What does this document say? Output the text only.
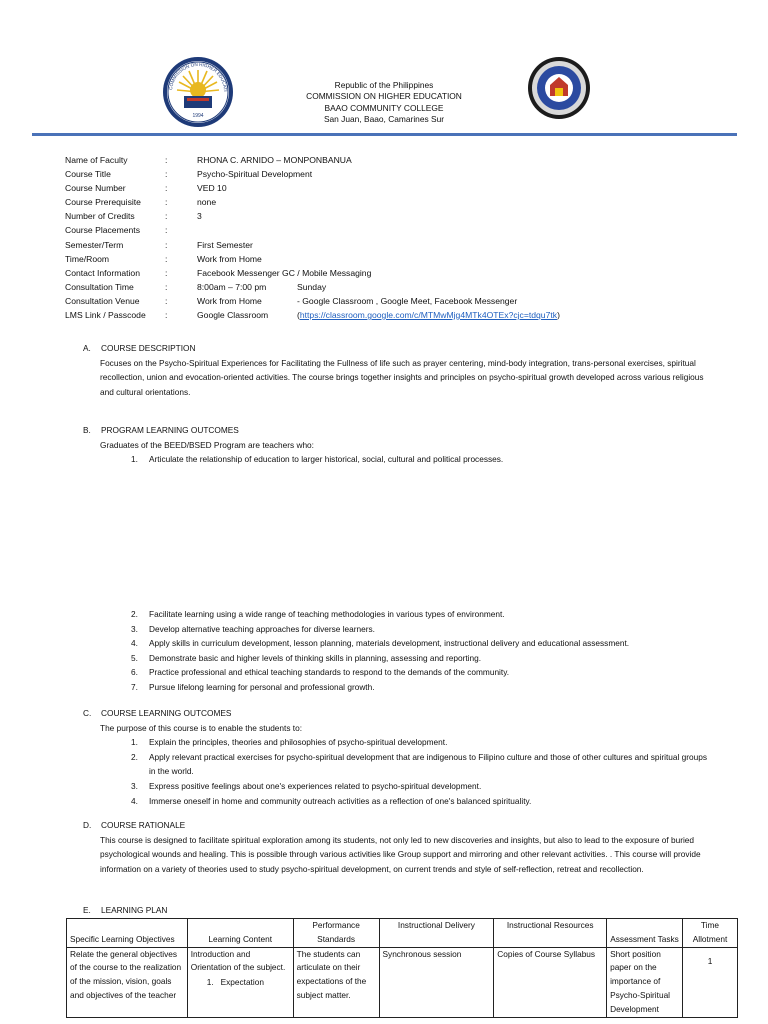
1994
COMMISSION ON HIGHER EDUCATI
Republic of the Philippines
COMMISSION ON HIGHER EDUCATION
BAAO COMMUNITY COLLEGE
San Juan, Baao, Camarines Sur
Name of Faculty	:	RHONA C. ARNIDO – MONPONBANUA
Course Title	:	Psycho-Spiritual Development
Course Number	:	VED 10
Course Prerequisite	:	none
Number of Credits	:	3
Course Placements	:
Semester/Term	:	First Semester
Time/Room	:	Work from Home
Contact Information	:	Facebook Messenger GC / Mobile Messaging
Consultation Time	:	8:00am – 7:00 pm	Sunday
Consultation Venue	:	Work from Home	- Google Classroom , Google Meet, Facebook Messenger
LMS Link / Passcode :	Google Classroom	(https://classroom.google.com/c/MTMwMjg4MTk4OTEx?cjc=tdqu7tk)
A. COURSE DESCRIPTION
Focuses on the Psycho-Spiritual Experiences for Facilitating the Fullness of life such as prayer centering, mind-body integration, trans-personal exercises, spiritual recollection, union and evocation-oriented activities. The course brings together insights and principles on psycho-spiritual growth developed across various religious and cultural orientations.
B. PROGRAM LEARNING OUTCOMES
Graduates of the BEED/BSED Program are teachers who:
1. Articulate the relationship of education to larger historical, social, cultural and political processes.
2. Facilitate learning using a wide range of teaching methodologies in various types of environment.
3. Develop alternative teaching approaches for diverse learners.
4. Apply skills in curriculum development, lesson planning, materials development, instructional delivery and educational assessment.
5. Demonstrate basic and higher levels of thinking skills in planning, assessing and reporting.
6. Practice professional and ethical teaching standards to respond to the demands of the community.
7. Pursue lifelong learning for personal and professional growth.
C. COURSE LEARNING OUTCOMES
The purpose of this course is to enable the students to:
1. Explain the principles, theories and philosophies of psycho-spiritual development.
2. Apply relevant practical exercises for psycho-spiritual development that are indigenous to Filipino culture and those of other cultures and spiritual groups in the world.
3. Express positive feelings about one's experiences related to psycho-spiritual development.
4. Immerse oneself in home and community outreach activities as a reflection of one's balanced spirituality.
D. COURSE RATIONALE
This course is designed to facilitate spiritual exploration among its students, not only led to new discoveries and insights, but also to lead to the exposure of buried psychological wounds and healing. This is possible through various activities like Group support and mirroring and other relevant activities. . This course will provide information on a variety of theories used to study psycho-spiritual development, on current trends and style of self-reflection, retreat and recollection.
E. LEARNING PLAN
Specific Learning Objectives	Learning Content	Performance Standards	Instructional Delivery	Instructional Resources	Assessment Tasks	Time Allotment
Relate the general objectives of the course to the realization of the mission, vision, goals and objectives of the teacher	Introduction and Orientation of the subject.
1. Expectation	The students can articulate on their expectations of the subject matter.	Synchronous session	Copies of Course Syllabus	Short position paper on the importance of Psycho-Spiritual Development	1
